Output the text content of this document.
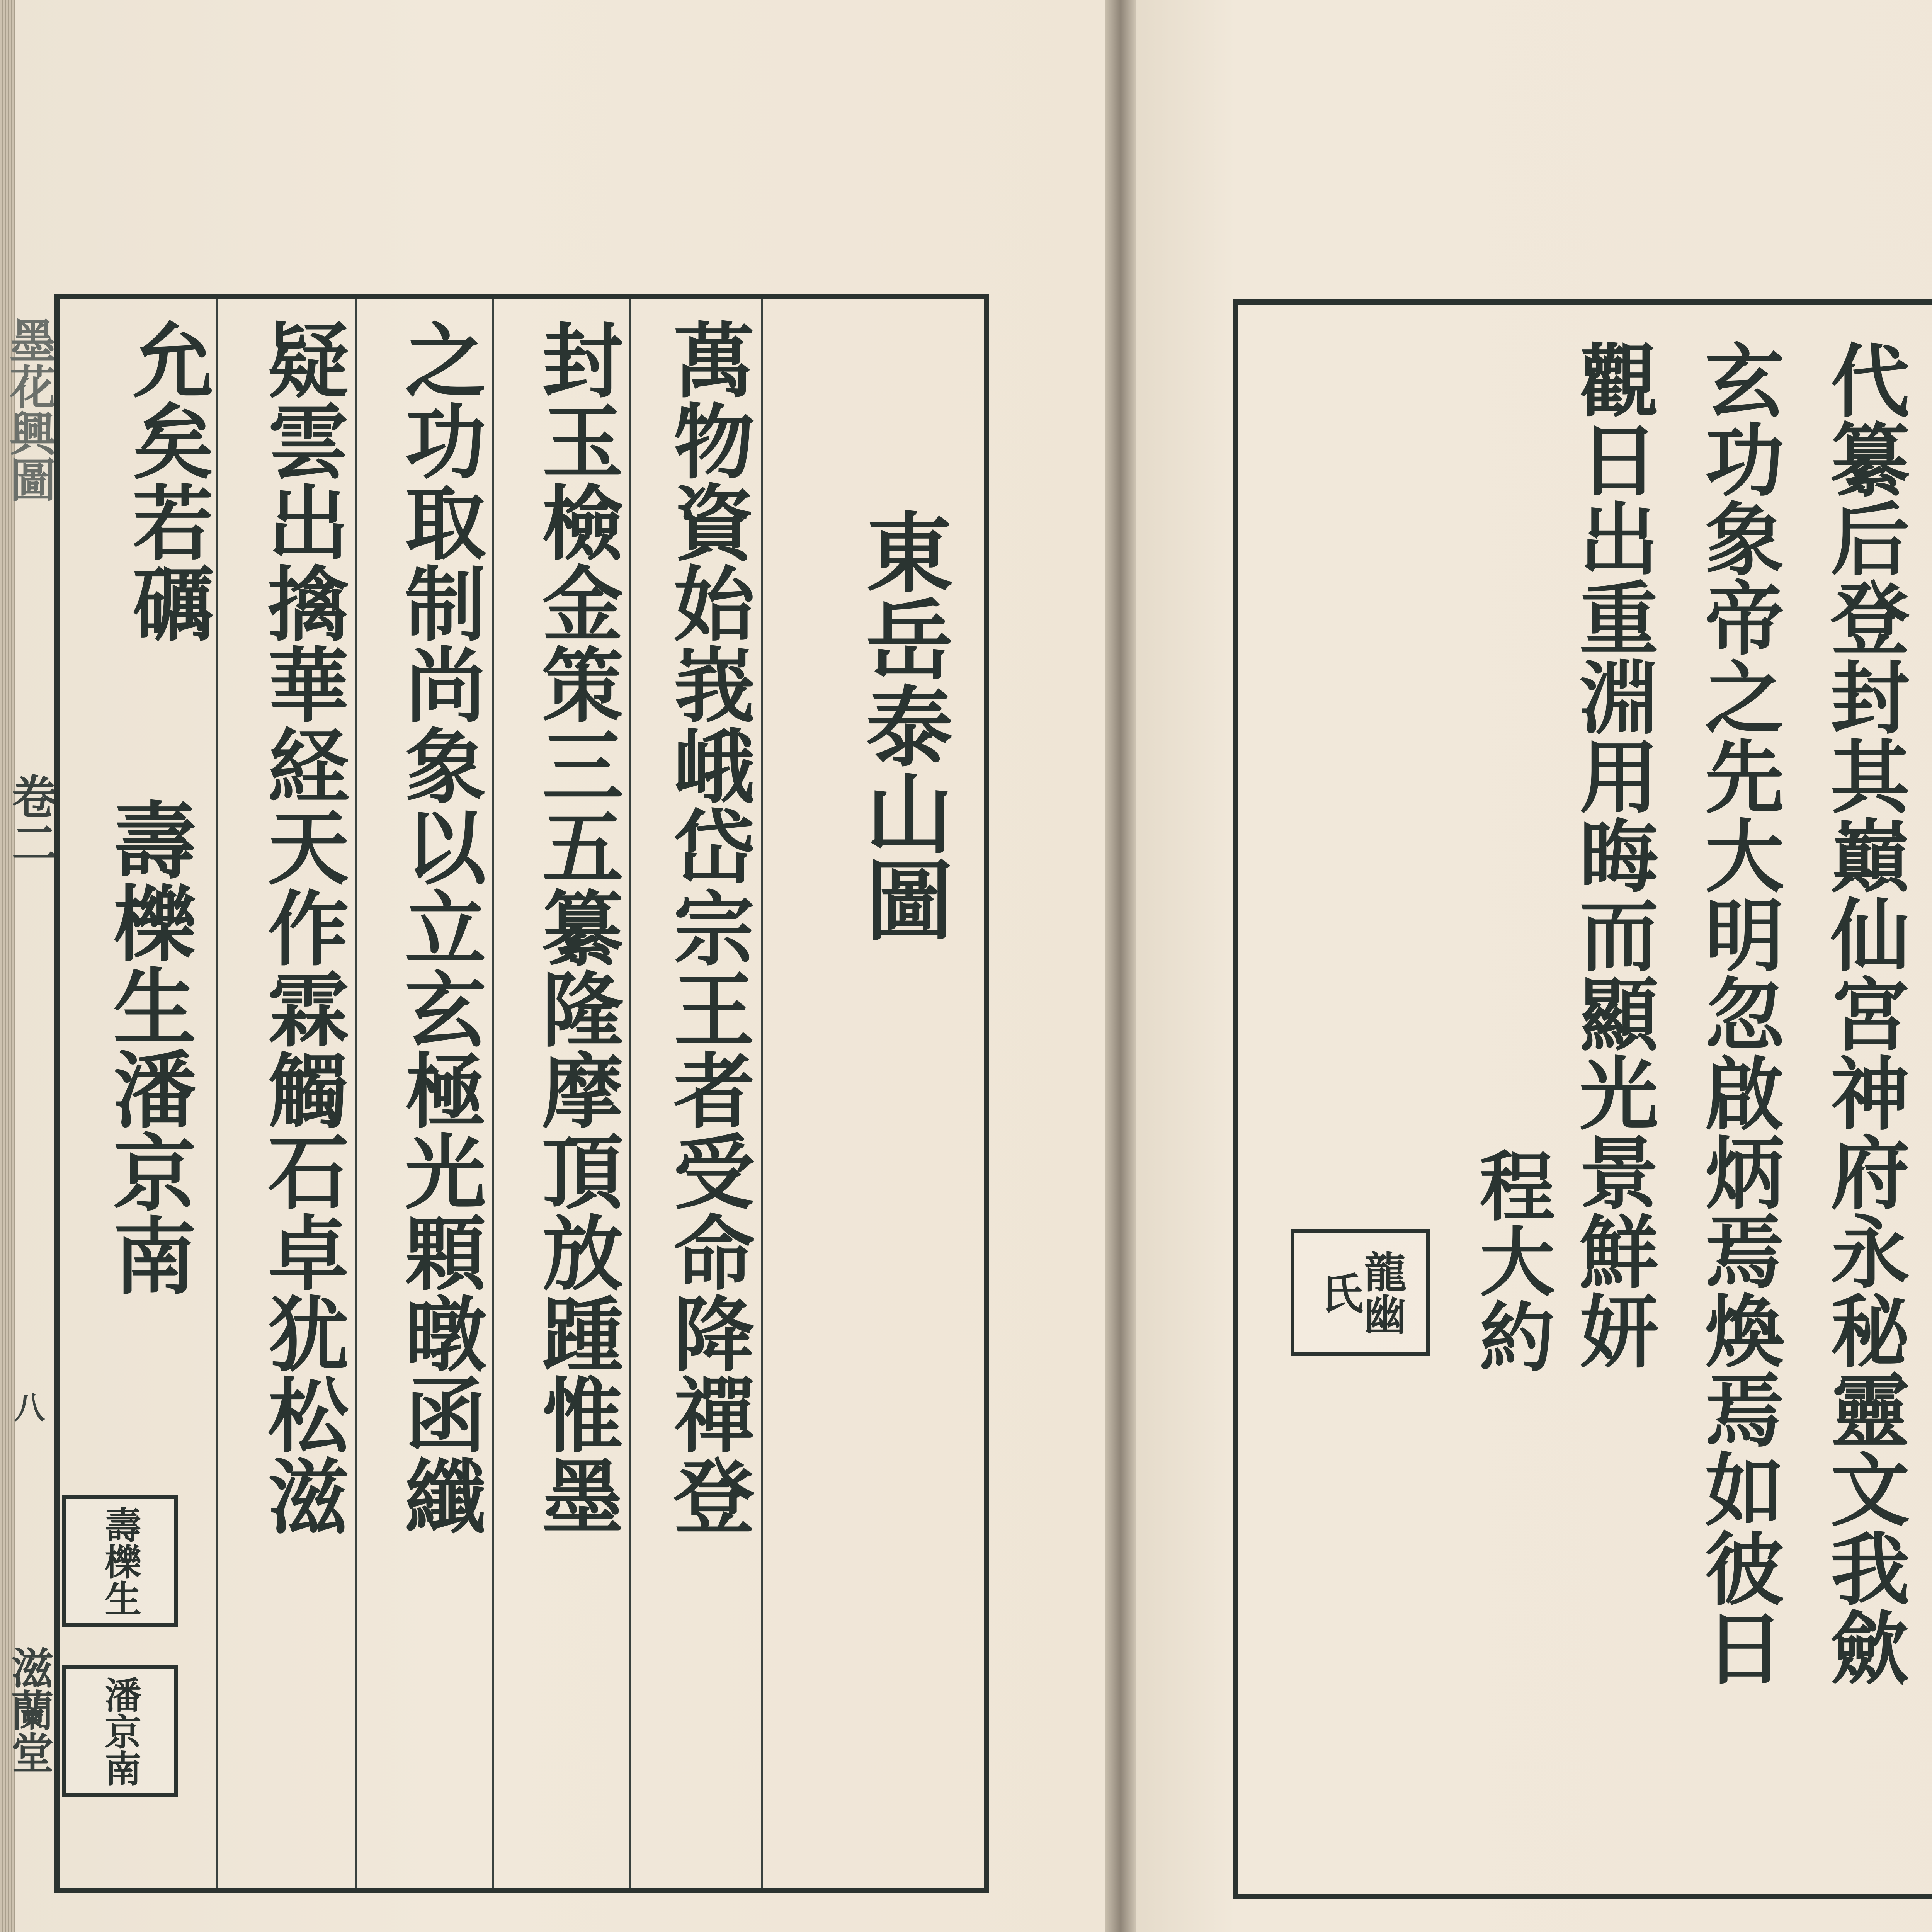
墨花興圖
卷二
八
滋蘭堂
東岳泰山圖
萬物資始峩峨岱宗王者受命降禪登
封玉檢金策三五纂隆摩頂放踵惟墨
之功取制尚象以立玄極光顆暾函纖
疑雲出擒華経天作霖觸石卓犹松滋
允矣若礪
壽櫟生潘京南
壽櫟生
潘京南
代纂后登封其巔仙宮神府永秘靈文我歛
玄功象帝之先大明忽啟炳焉煥焉如彼日
觀日出重淵用晦而顯光景鮮妍
程大約
龍幽氏
